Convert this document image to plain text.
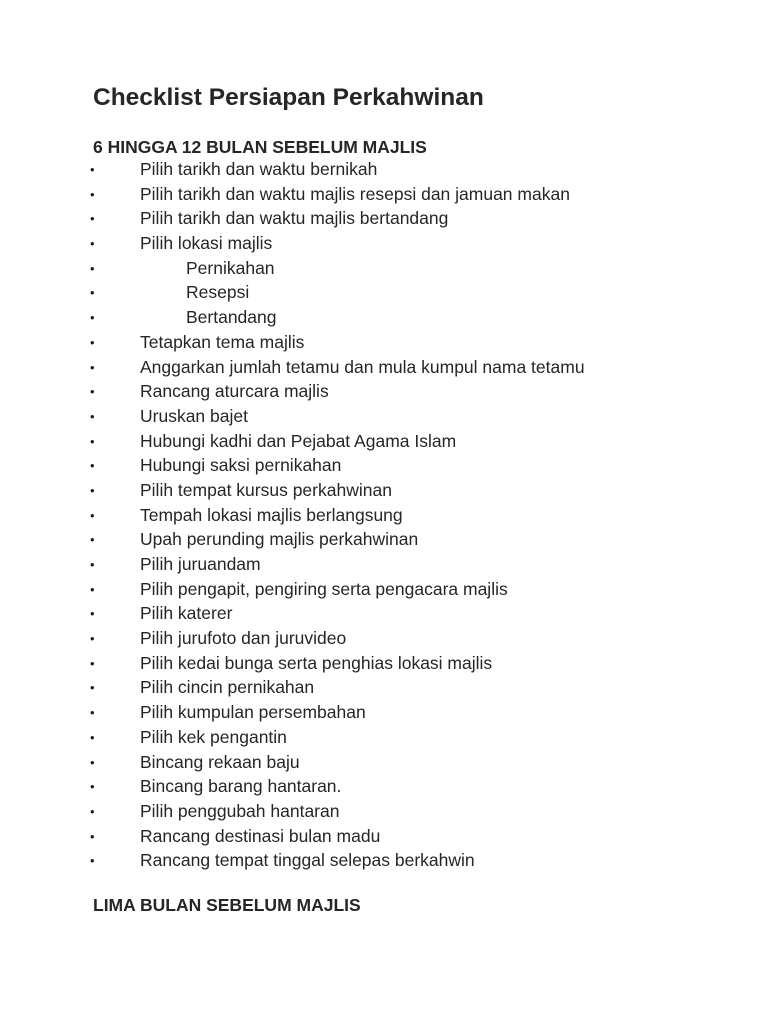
Checklist Persiapan Perkahwinan
6 HINGGA 12 BULAN SEBELUM MAJLIS
•	Pilih tarikh dan waktu bernikah
•	Pilih tarikh dan waktu majlis resepsi dan jamuan makan
•	Pilih tarikh dan waktu majlis bertandang
•	Pilih lokasi majlis
•	Pernikahan
•	Resepsi
•	Bertandang
•	Tetapkan tema majlis
•	Anggarkan jumlah tetamu dan mula kumpul nama tetamu
•	Rancang aturcara majlis
•	Uruskan bajet
•	Hubungi kadhi dan Pejabat Agama Islam
•	Hubungi saksi pernikahan
•	Pilih tempat kursus perkahwinan
•	Tempah lokasi majlis berlangsung
•	Upah perunding majlis perkahwinan
•	Pilih juruandam
•	Pilih pengapit, pengiring serta pengacara majlis
•	Pilih katerer
•	Pilih jurufoto dan juruvideo
•	Pilih kedai bunga serta penghias lokasi majlis
•	Pilih cincin pernikahan
•	Pilih kumpulan persembahan
•	Pilih kek pengantin
•	Bincang rekaan baju
•	Bincang barang hantaran.
•	Pilih penggubah hantaran
•	Rancang destinasi bulan madu
•	Rancang tempat tinggal selepas berkahwin
LIMA BULAN SEBELUM MAJLIS
